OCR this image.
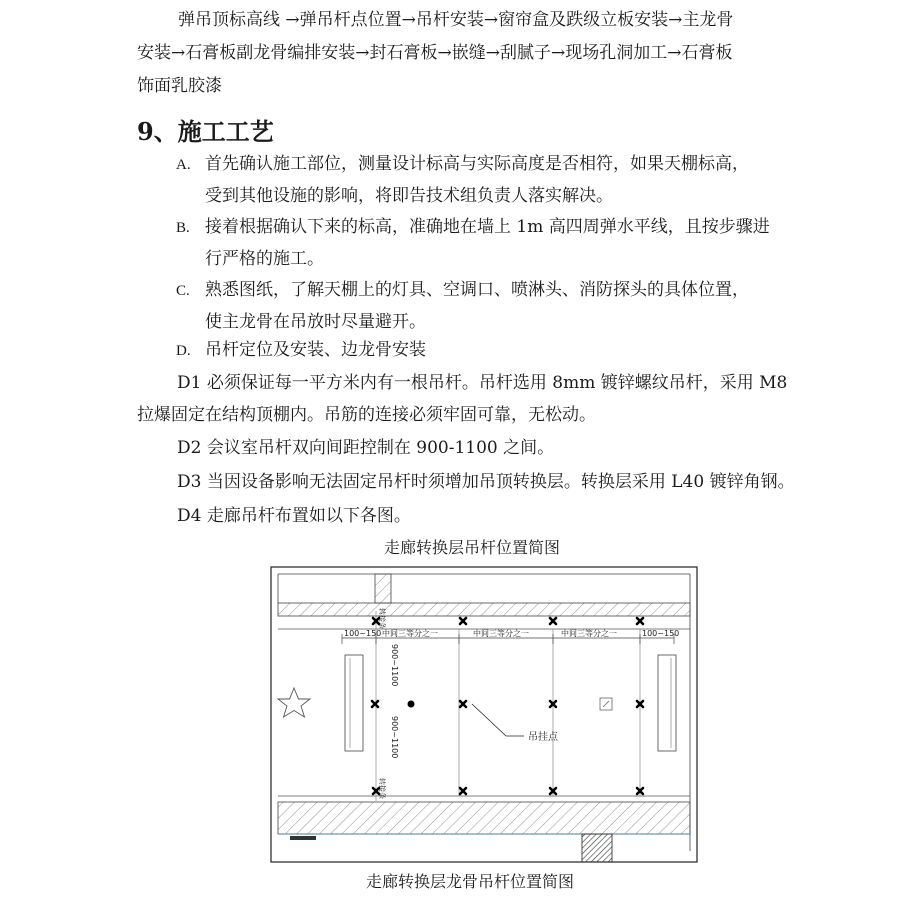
弹吊顶标高线 →弹吊杆点位置→吊杆安装→窗帘盒及跌级立板安装→主龙骨
安装→石膏板副龙骨编排安装→封石膏板→嵌缝→刮腻子→现场孔洞加工→石膏板
饰面乳胶漆
9、施工工艺
A. 首先确认施工部位，测量设计标高与实际高度是否相符，如果天棚标高，
受到其他设施的影响，将即告技术组负责人落实解决。
B. 接着根据确认下来的标高，准确地在墙上 1m 高四周弹水平线，且按步骤进
行严格的施工。
C. 熟悉图纸，了解天棚上的灯具、空调口、喷淋头、消防探头的具体位置，
使主龙骨在吊放时尽量避开。
D. 吊杆定位及安装、边龙骨安装
D1 必须保证每一平方米内有一根吊杆。吊杆选用 8mm 镀锌螺纹吊杆，采用 M8
拉爆固定在结构顶棚内。吊筋的连接必须牢固可靠，无松动。
D2 会议室吊杆双向间距控制在 900-1100 之间。
D3 当因设备影响无法固定吊杆时须增加吊顶转换层。转换层采用 L40 镀锌角钢。
D4 走廊吊杆布置如以下各图。
走廊转换层吊杆位置简图
走廊转换层龙骨吊杆位置简图
100~150 中间三等分之一	中间三等分之一	中间三等分之一	100~150
转接条
900~1100
900~1100
转接条
吊挂点
